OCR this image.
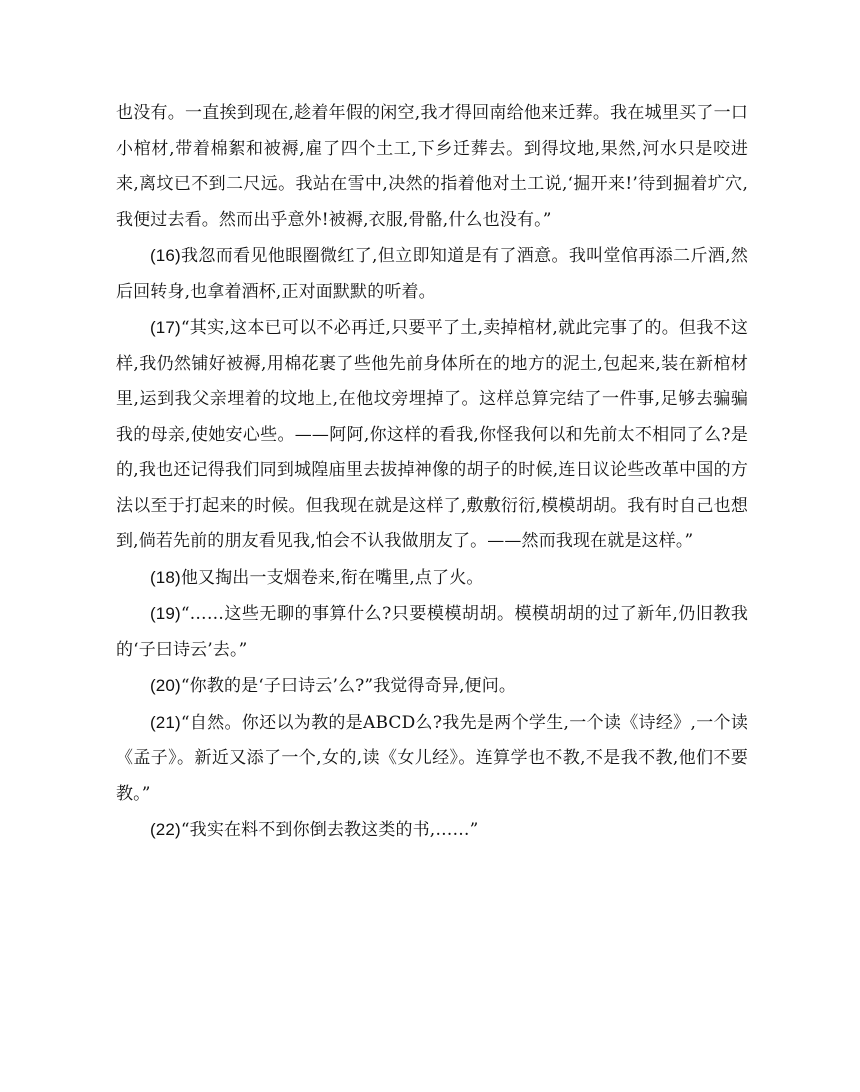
也没有。一直挨到现在,趁着年假的闲空,我才得回南给他来迁葬。我在城里买了一口小棺材,带着棉絮和被褥,雇了四个土工,下乡迁葬去。到得坟地,果然,河水只是咬进来,离坟已不到二尺远。我站在雪中,决然的指着他对土工说,‘掘开来!’待到掘着圹穴,我便过去看。然而出乎意外!被褥,衣服,骨骼,什么也没有。”

(16)我忽而看见他眼圈微红了,但立即知道是有了酒意。我叫堂倌再添二斤酒,然后回转身,也拿着酒杯,正对面默默的听着。

(17)“其实,这本已可以不必再迁,只要平了土,卖掉棺材,就此完事了的。但我不这样,我仍然铺好被褥,用棉花裹了些他先前身体所在的地方的泥土,包起来,装在新棺材里,运到我父亲埋着的坟地上,在他坟旁埋掉了。这样总算完结了一件事,足够去骗骗我的母亲,使她安心些。——阿阿,你这样的看我,你怪我何以和先前太不相同了么?是的,我也还记得我们同到城隍庙里去拔掉神像的胡子的时候,连日议论些改革中国的方法以至于打起来的时候。但我现在就是这样了,敷敷衍衍,模模胡胡。我有时自己也想到,倘若先前的朋友看见我,怕会不认我做朋友了。——然而我现在就是这样。”

(18)他又掏出一支烟卷来,衔在嘴里,点了火。

(19)“……这些无聊的事算什么?只要模模胡胡。模模胡胡的过了新年,仍旧教我的‘子曰诗云’去。”

(20)“你教的是‘子曰诗云’么?”我觉得奇异,便问。

(21)“自然。你还以为教的是ABCD么?我先是两个学生,一个读《诗经》,一个读《孟子》。新近又添了一个,女的,读《女儿经》。连算学也不教,不是我不教,他们不要教。”

(22)“我实在料不到你倒去教这类的书,……”
